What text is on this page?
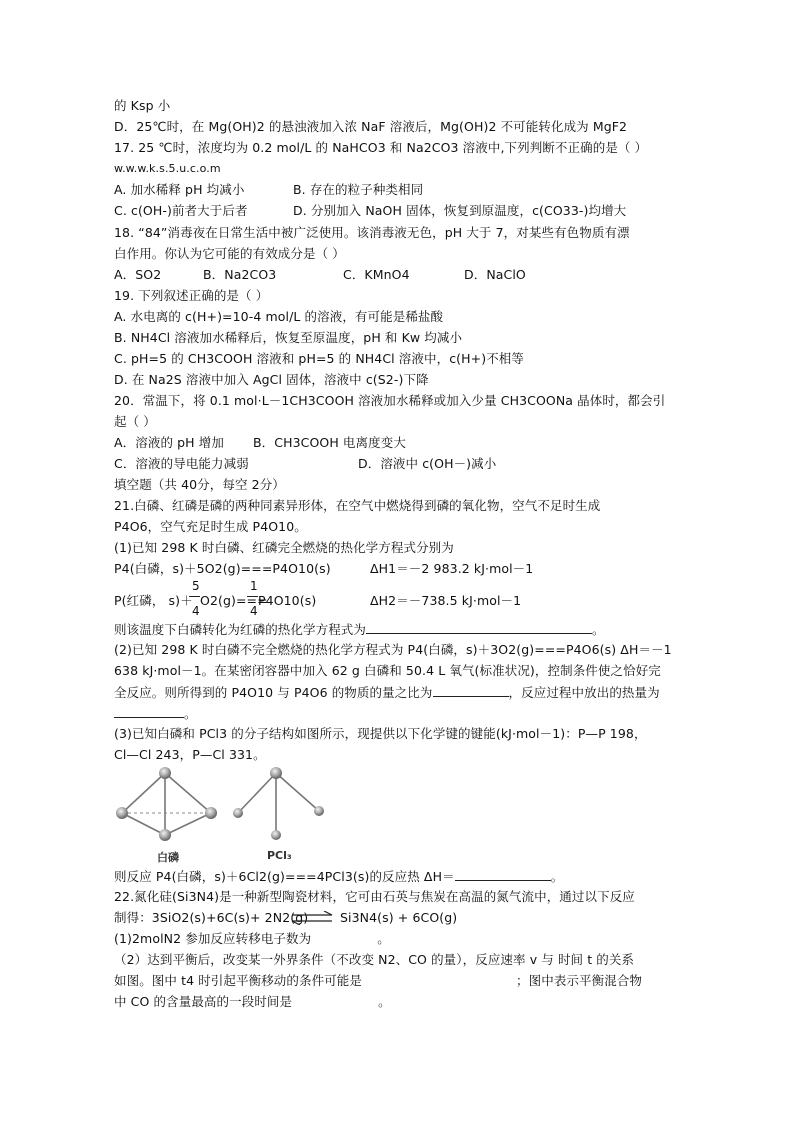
的 Ksp 小
D．25℃时，在 Mg(OH)2 的悬浊液加入浓 NaF 溶液后，Mg(OH)2 不可能转化成为 MgF2
17. 25 ℃时，浓度均为 0.2 mol/L 的 NaHCO3 和 Na2CO3 溶液中,下列判断不正确的是（ ）
w.w.w.k.s.5.u.c.o.m
A. 加水稀释 pH 均减小	B. 存在的粒子种类相同
C. c(OH-)前者大于后者	D. 分别加入 NaOH 固体，恢复到原温度，c(CO33-)均增大
18. “84”消毒夜在日常生活中被广泛使用。该消毒液无色，pH 大于 7，对某些有色物质有漂
白作用。你认为它可能的有效成分是（ ）
A．SO2	B．Na2CO3	C．KMnO4	D．NaClO
19. 下列叙述正确的是（ ）
A. 水电离的 c(H+)=10-4 mol/L 的溶液，有可能是稀盐酸
B. NH4Cl 溶液加水稀释后，恢复至原温度，pH 和 Kw 均减小
C. pH=5 的 CH3COOH 溶液和 pH=5 的 NH4Cl 溶液中，c(H+)不相等
D. 在 Na2S 溶液中加入 AgCl 固体，溶液中 c(S2-)下降
20．常温下，将 0.1 mol·L－1CH3COOH 溶液加水稀释或加入少量 CH3COONa 晶体时，都会引
起（ ）
A．溶液的 pH 增加 B．CH3COOH 电离度变大
C．溶液的导电能力减弱	D．溶液中 c(OH－)减小
填空题（共 40分，每空 2分）
21.白磷、红磷是磷的两种同素异形体，在空气中燃烧得到磷的氧化物，空气不足时生成
P4O6，空气充足时生成 P4O10。
(1)已知 298 K 时白磷、红磷完全燃烧的热化学方程式分别为
P4(白磷，s)＋5O2(g)===P4O10(s)	ΔH1＝－2 983.2 kJ·mol－1
P(红磷， s)＋
5
4
O2(g)===
1
4
P4O10(s)	ΔH2＝－738.5 kJ·mol－1
则该温度下白磷转化为红磷的热化学方程式为	。
(2)已知 298 K 时白磷不完全燃烧的热化学方程式为 P4(白磷，s)＋3O2(g)===P4O6(s) ΔH＝－1
638 kJ·mol－1。在某密闭容器中加入 62 g 白磷和 50.4 L 氧气(标准状况)，控制条件使之恰好完
全反应。则所得到的 P4O10 与 P4O6 的物质的量之比为	，反应过程中放出的热量为
。
(3)已知白磷和 PCl3 的分子结构如图所示，现提供以下化学键的键能(kJ·mol－1)：P—P 198，
Cl—Cl 243，P—Cl 331。
白磷	PCl₃
则反应 P4(白磷，s)＋6Cl2(g)===4PCl3(s)的反应热 ΔH＝	。
22.氮化硅(Si3N4)是一种新型陶瓷材料，它可由石英与焦炭在高温的氮气流中，通过以下反应
制得：3SiO2(s)+6C(s)+ 2N2(g) ⇌ Si3N4(s) + 6CO(g)
(1)2molN2 参加反应转移电子数为	。
（2）达到平衡后，改变某一外界条件（不改变 N2、CO 的量），反应速率 v 与 时间 t 的关系
如图。图中 t4 时引起平衡移动的条件可能是	；图中表示平衡混合物
中 CO 的含量最高的一段时间是	。
